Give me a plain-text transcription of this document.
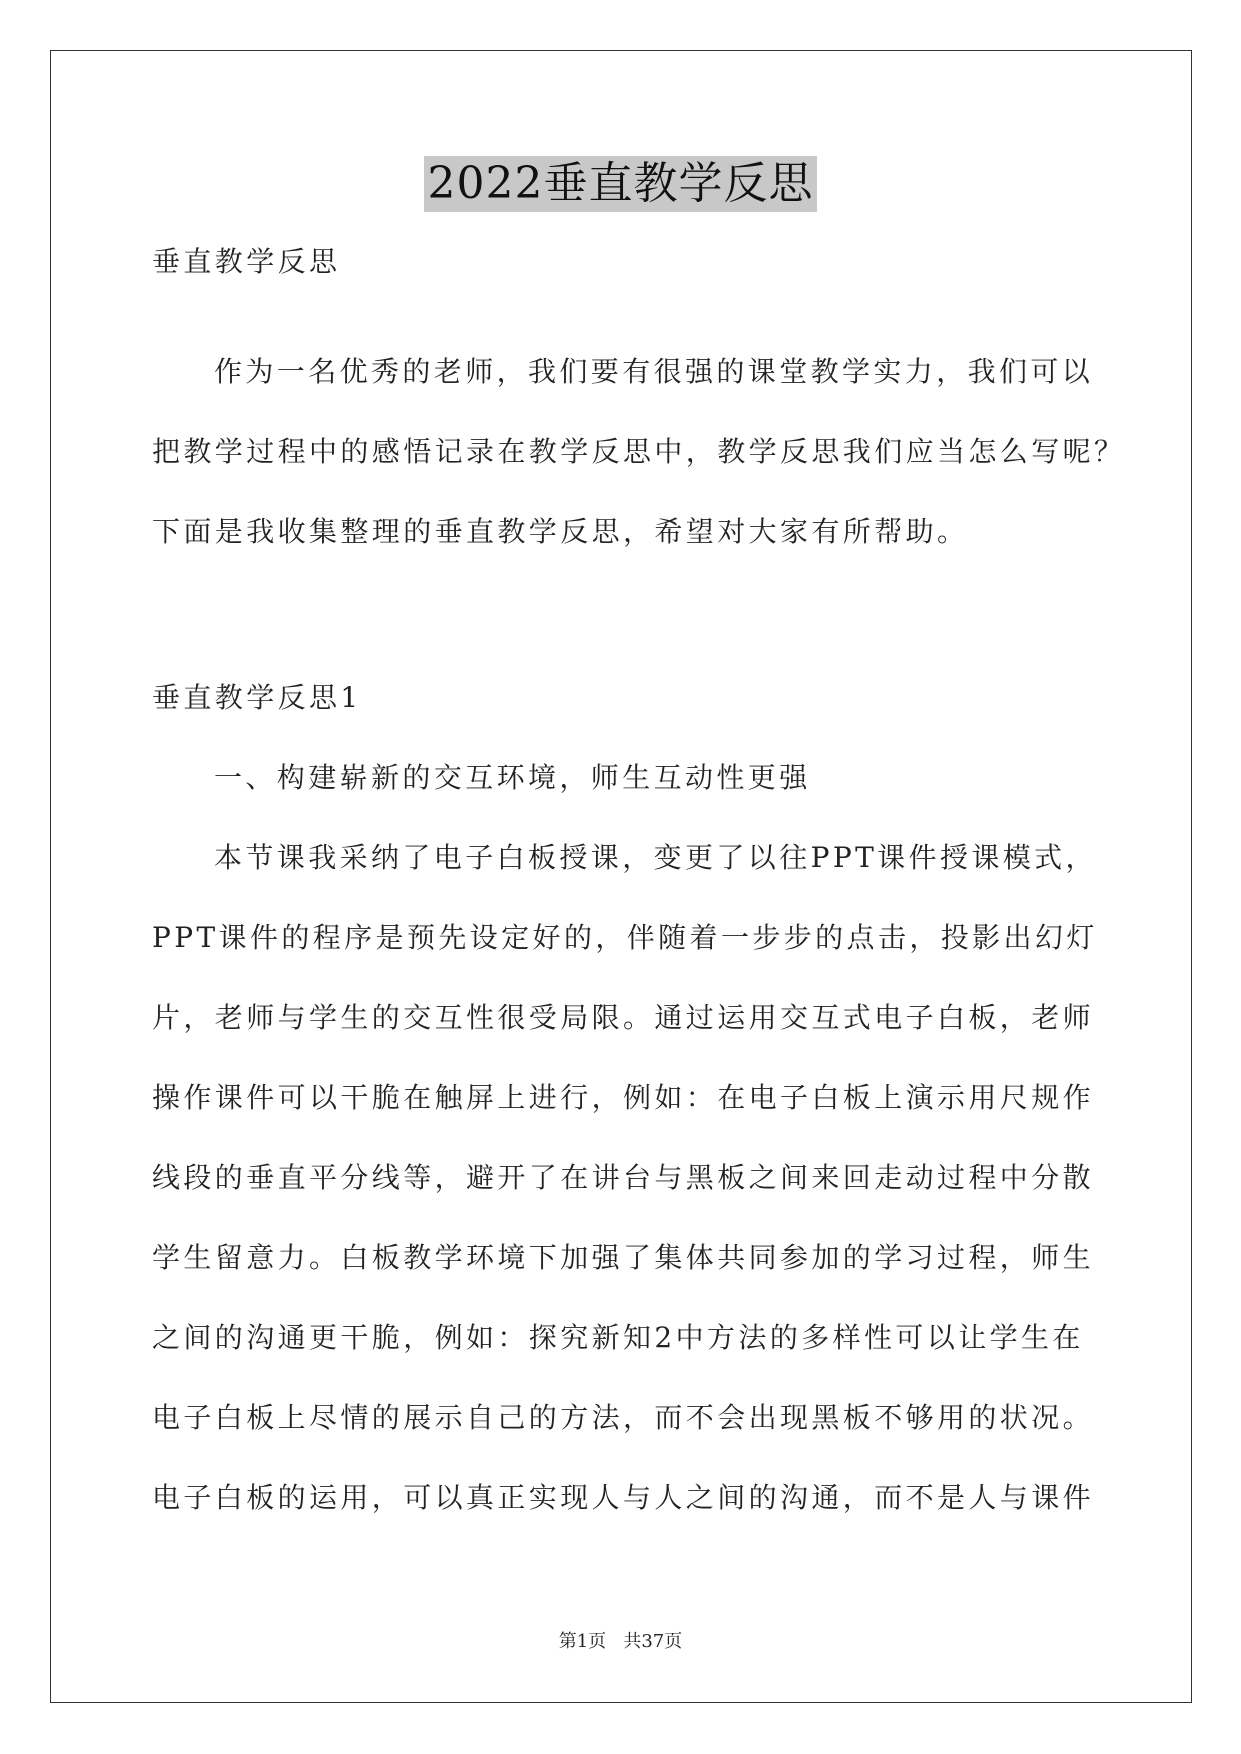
2022垂直教学反思
垂直教学反思
作为一名优秀的老师，我们要有很强的课堂教学实力，我们可以
把教学过程中的感悟记录在教学反思中，教学反思我们应当怎么写呢？
下面是我收集整理的垂直教学反思，希望对大家有所帮助。
垂直教学反思1
一、构建崭新的交互环境，师生互动性更强
本节课我采纳了电子白板授课，变更了以往PPT课件授课模式，
PPT课件的程序是预先设定好的，伴随着一步步的点击，投影出幻灯
片，老师与学生的交互性很受局限。通过运用交互式电子白板，老师
操作课件可以干脆在触屏上进行，例如：在电子白板上演示用尺规作
线段的垂直平分线等，避开了在讲台与黑板之间来回走动过程中分散
学生留意力。白板教学环境下加强了集体共同参加的学习过程，师生
之间的沟通更干脆，例如：探究新知2中方法的多样性可以让学生在
电子白板上尽情的展示自己的方法，而不会出现黑板不够用的状况。
电子白板的运用，可以真正实现人与人之间的沟通，而不是人与课件
第1页   共37页
